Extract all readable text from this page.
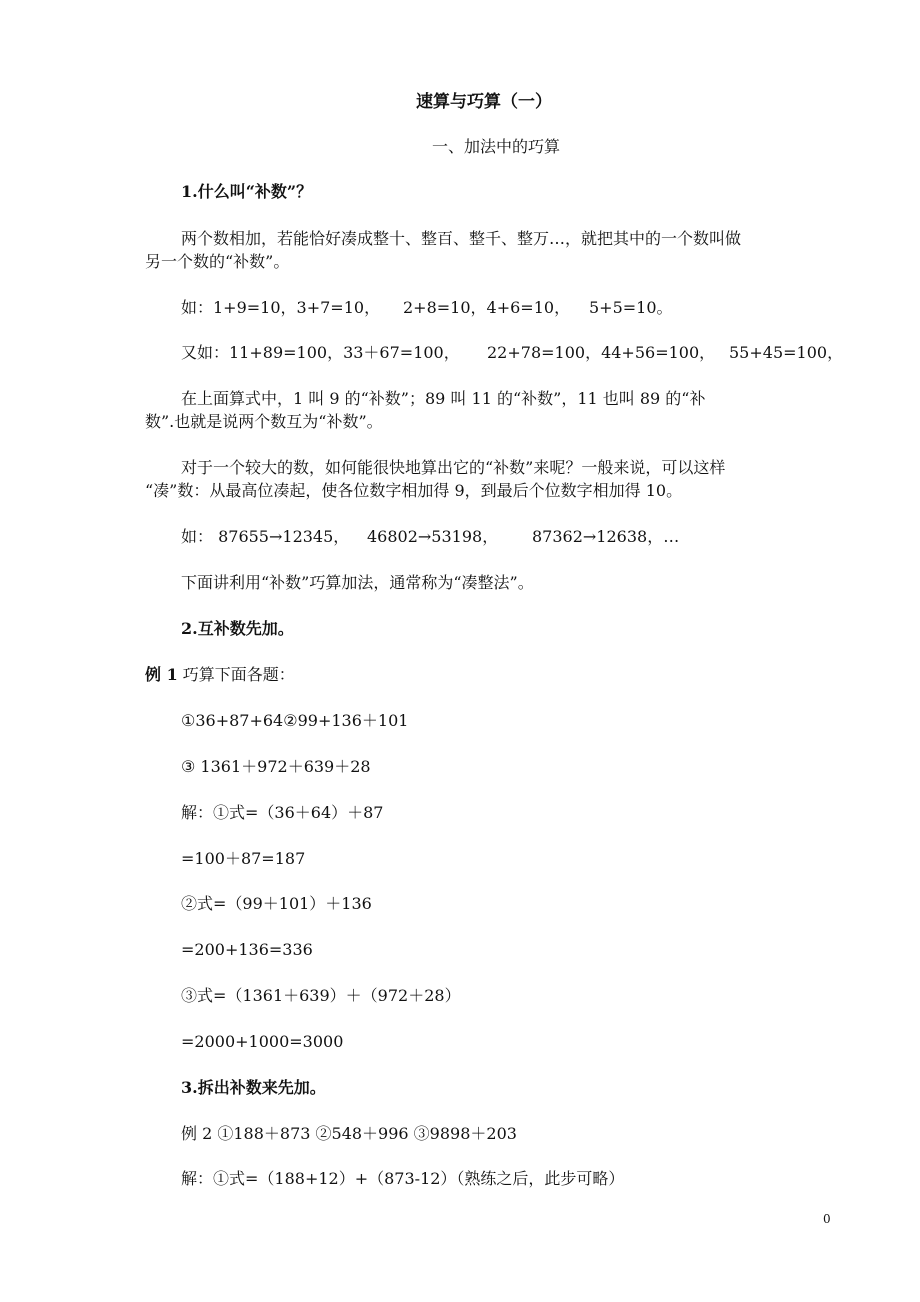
速算与巧算（一）
一、加法中的巧算
1.什么叫“补数”？
两个数相加，若能恰好凑成整十、整百、整千、整万…，就把其中的一个数叫做
另一个数的“补数”。
如：1+9=10，3+7=10， 2+8=10，4+6=10， 5+5=10。
又如：11+89=100，33＋67=100， 22+78=100，44+56=100， 55+45=100，
在上面算式中，1 叫 9 的“补数”；89 叫 11 的“补数”，11 也叫 89 的“补
数”.也就是说两个数互为“补数”。
对于一个较大的数，如何能很快地算出它的“补数”来呢？一般来说，可以这样
“凑”数：从最高位凑起，使各位数字相加得 9，到最后个位数字相加得 10。
如： 87655→12345， 46802→53198， 87362→12638，…
下面讲利用“补数”巧算加法，通常称为“凑整法”。
2.互补数先加。
例 1 巧算下面各题：
①36+87+64②99+136＋101
③ 1361＋972＋639＋28
解：①式=（36＋64）＋87
=100＋87=187
②式=（99＋101）＋136
=200+136=336
③式=（1361＋639）＋（972＋28）
=2000+1000=3000
3.拆出补数来先加。
例 2 ①188＋873 ②548＋996 ③9898＋203
解：①式=（188+12）+（873-12）（熟练之后，此步可略）
0
